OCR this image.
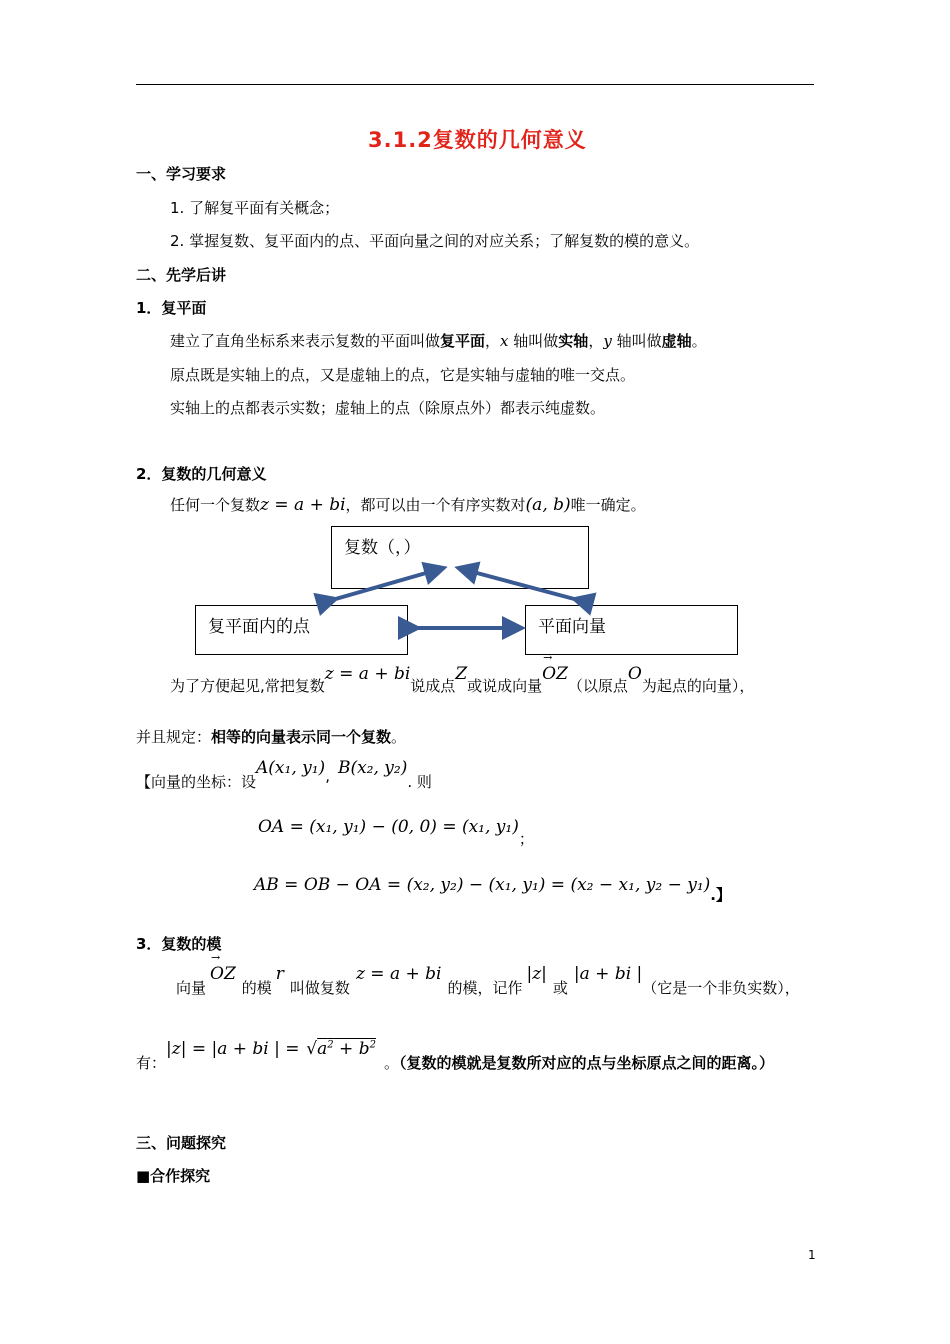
3.1.2复数的几何意义
一、学习要求
1. 了解复平面有关概念；
2. 掌握复数、复平面内的点、平面向量之间的对应关系；了解复数的模的意义。
二、先学后讲
1．复平面
建立了直角坐标系来表示复数的平面叫做复平面，x 轴叫做实轴，y 轴叫做虚轴。
原点既是实轴上的点，又是虚轴上的点，它是实轴与虚轴的唯一交点。
实轴上的点都表示实数；虚轴上的点（除原点外）都表示纯虚数。
2．复数的几何意义
任何一个复数z = a + bi，都可以由一个有序实数对(a, b)唯一确定。
复数（，）
复平面内的点	平面向量
为了方便起见,常把复数z = a + bi说成点Z或说成向量→ OZ（以原点O为起点的向量），
并且规定：相等的向量表示同一个复数。
【向量的坐标：设A(x₁, y₁), B(x₂, y₂). 则
OA = (x₁, y₁) − (0, 0) = (x₁, y₁)；
AB = OB − OA = (x₂, y₂) − (x₁, y₁) = (x₂ − x₁, y₂ − y₁).】
3．复数的模
向量→ OZ的模r叫做复数z = a + bi的模，记作|z|或|a + bi |（它是一个非负实数），
有：|z| = |a + bi | = $√a^2 + b^2$。（复数的模就是复数所对应的点与坐标原点之间的距离。）
三、问题探究
■合作探究
1
